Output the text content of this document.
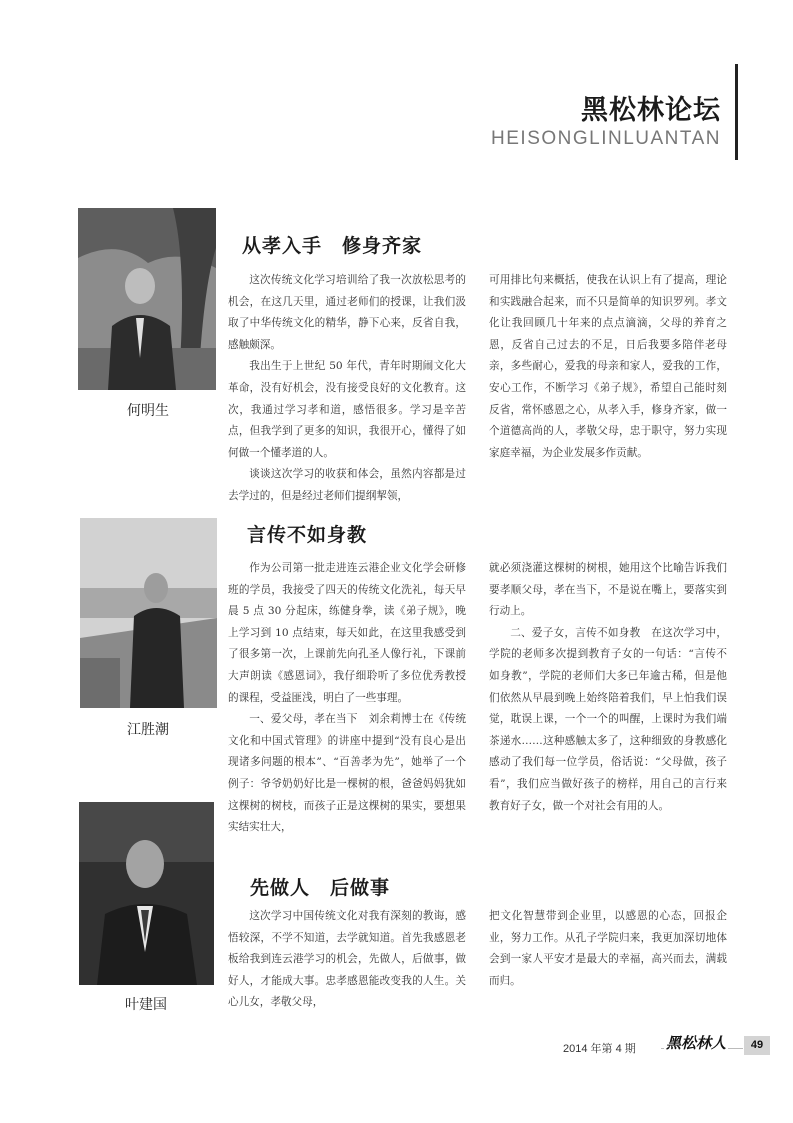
黑松林论坛
HEISONGLINLUANTAN
何明生
从孝入手　修身齐家

这次传统文化学习培训给了我一次放松思考的机会，在这几天里，通过老师们的授课，让我们汲取了中华传统文化的精华，静下心来，反省自我，感触颇深。

我出生于上世纪 50 年代，青年时期闹文化大革命，没有好机会，没有接受良好的文化教育。这次，我通过学习孝和道，感悟很多。学习是辛苦点，但我学到了更多的知识，我很开心，懂得了如何做一个懂孝道的人。

谈谈这次学习的收获和体会，虽然内容都是过去学过的，但是经过老师们提纲挈领，

可用排比句来概括，使我在认识上有了提高，理论和实践融合起来，而不只是简单的知识罗列。孝文化让我回顾几十年来的点点滴滴，父母的养育之恩，反省自己过去的不足，日后我要多陪伴老母亲，多些耐心，爱我的母亲和家人，爱我的工作，安心工作，不断学习《弟子规》，希望自己能时刻反省，常怀感恩之心，从孝入手，修身齐家，做一个道德高尚的人，孝敬父母，忠于职守，努力实现家庭幸福，为企业发展多作贡献。

江胜潮
言传不如身教

作为公司第一批走进连云港企业文化学会研修班的学员，我接受了四天的传统文化洗礼，每天早晨 5 点 30 分起床，练健身拳，读《弟子规》，晚上学习到 10 点结束，每天如此，在这里我感受到了很多第一次，上课前先向孔圣人像行礼，下课前大声朗读《感恩词》，我仔细聆听了多位优秀教授的课程，受益匪浅，明白了一些事理。

一、爱父母，孝在当下　刘余莉博士在《传统文化和中国式管理》的讲座中提到“没有良心是出现诸多问题的根本”、“百善孝为先”，她举了一个例子：爷爷奶奶好比是一棵树的根，爸爸妈妈犹如这棵树的树枝，而孩子正是这棵树的果实，要想果实结实壮大，

就必须浇灌这棵树的树根，她用这个比喻告诉我们要孝顺父母，孝在当下，不是说在嘴上，要落实到行动上。

二、爱子女，言传不如身教　在这次学习中，学院的老师多次提到教育子女的一句话：“言传不如身教”，学院的老师们大多已年逾古稀，但是他们依然从早晨到晚上始终陪着我们，早上怕我们误觉，耽误上课，一个一个的叫醒，上课时为我们端茶递水……这种感触太多了，这种细致的身教感化感动了我们每一位学员，俗话说：“父母做，孩子看”，我们应当做好孩子的榜样，用自己的言行来教育好子女，做一个对社会有用的人。

叶建国
先做人　后做事

这次学习中国传统文化对我有深刻的教诲，感悟较深，不学不知道，去学就知道。首先我感恩老板给我到连云港学习的机会，先做人，后做事，做好人，才能成大事。忠孝感恩能改变我的人生。关心儿女，孝敬父母，

把文化智慧带到企业里，以感恩的心态，回报企业，努力工作。从孔子学院归来，我更加深切地体会到一家人平安才是最大的幸福，高兴而去，满载而归。

2014 年第 4 期 黑松林人	49
